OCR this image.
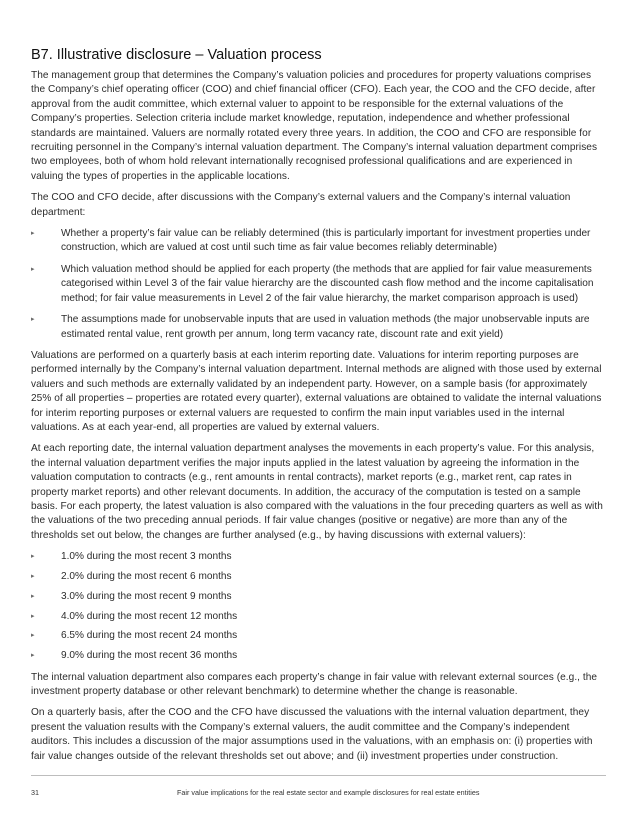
B7. Illustrative disclosure – Valuation process

The management group that determines the Company’s valuation policies and procedures for property valuations comprises the Company’s chief operating officer (COO) and chief financial officer (CFO). Each year, the COO and the CFO decide, after approval from the audit committee, which external valuer to appoint to be responsible for the external valuations of the Company’s properties. Selection criteria include market knowledge, reputation, independence and whether professional standards are maintained. Valuers are normally rotated every three years. In addition, the COO and CFO are responsible for recruiting personnel in the Company’s internal valuation department. The Company’s internal valuation department comprises two employees, both of whom hold relevant internationally recognised professional qualifications and are experienced in valuing the types of properties in the applicable locations.

The COO and CFO decide, after discussions with the Company’s external valuers and the Company’s internal valuation department:

▸	Whether a property’s fair value can be reliably determined (this is particularly important for investment properties under construction, which are valued at cost until such time as fair value becomes reliably determinable)
▸	Which valuation method should be applied for each property (the methods that are applied for fair value measurements categorised within Level 3 of the fair value hierarchy are the discounted cash flow method and the income capitalisation method; for fair value measurements in Level 2 of the fair value hierarchy, the market comparison approach is used)
▸	The assumptions made for unobservable inputs that are used in valuation methods (the major unobservable inputs are estimated rental value, rent growth per annum, long term vacancy rate, discount rate and exit yield)

Valuations are performed on a quarterly basis at each interim reporting date. Valuations for interim reporting purposes are performed internally by the Company’s internal valuation department. Internal methods are aligned with those used by external valuers and such methods are externally validated by an independent party. However, on a sample basis (for approximately 25% of all properties – properties are rotated every quarter), external valuations are obtained to validate the internal valuations for interim reporting purposes or external valuers are requested to confirm the main input variables used in the internal valuations. As at each year-end, all properties are valued by external valuers.

At each reporting date, the internal valuation department analyses the movements in each property’s value. For this analysis, the internal valuation department verifies the major inputs applied in the latest valuation by agreeing the information in the valuation computation to contracts (e.g., rent amounts in rental contracts), market reports (e.g., market rent, cap rates in property market reports) and other relevant documents. In addition, the accuracy of the computation is tested on a sample basis. For each property, the latest valuation is also compared with the valuations in the four preceding quarters as well as with the valuations of the two preceding annual periods. If fair value changes (positive or negative) are more than any of the thresholds set out below, the changes are further analysed (e.g., by having discussions with external valuers):

▸	1.0% during the most recent 3 months
▸	2.0% during the most recent 6 months
▸	3.0% during the most recent 9 months
▸	4.0% during the most recent 12 months
▸	6.5% during the most recent 24 months
▸	9.0% during the most recent 36 months

The internal valuation department also compares each property’s change in fair value with relevant external sources (e.g., the investment property database or other relevant benchmark) to determine whether the change is reasonable.

On a quarterly basis, after the COO and the CFO have discussed the valuations with the internal valuation department, they present the valuation results with the Company’s external valuers, the audit committee and the Company’s independent auditors. This includes a discussion of the major assumptions used in the valuations, with an emphasis on: (i) properties with fair value changes outside of the relevant thresholds set out above; and (ii) investment properties under construction.

31	Fair value implications for the real estate sector and example disclosures for real estate entities
